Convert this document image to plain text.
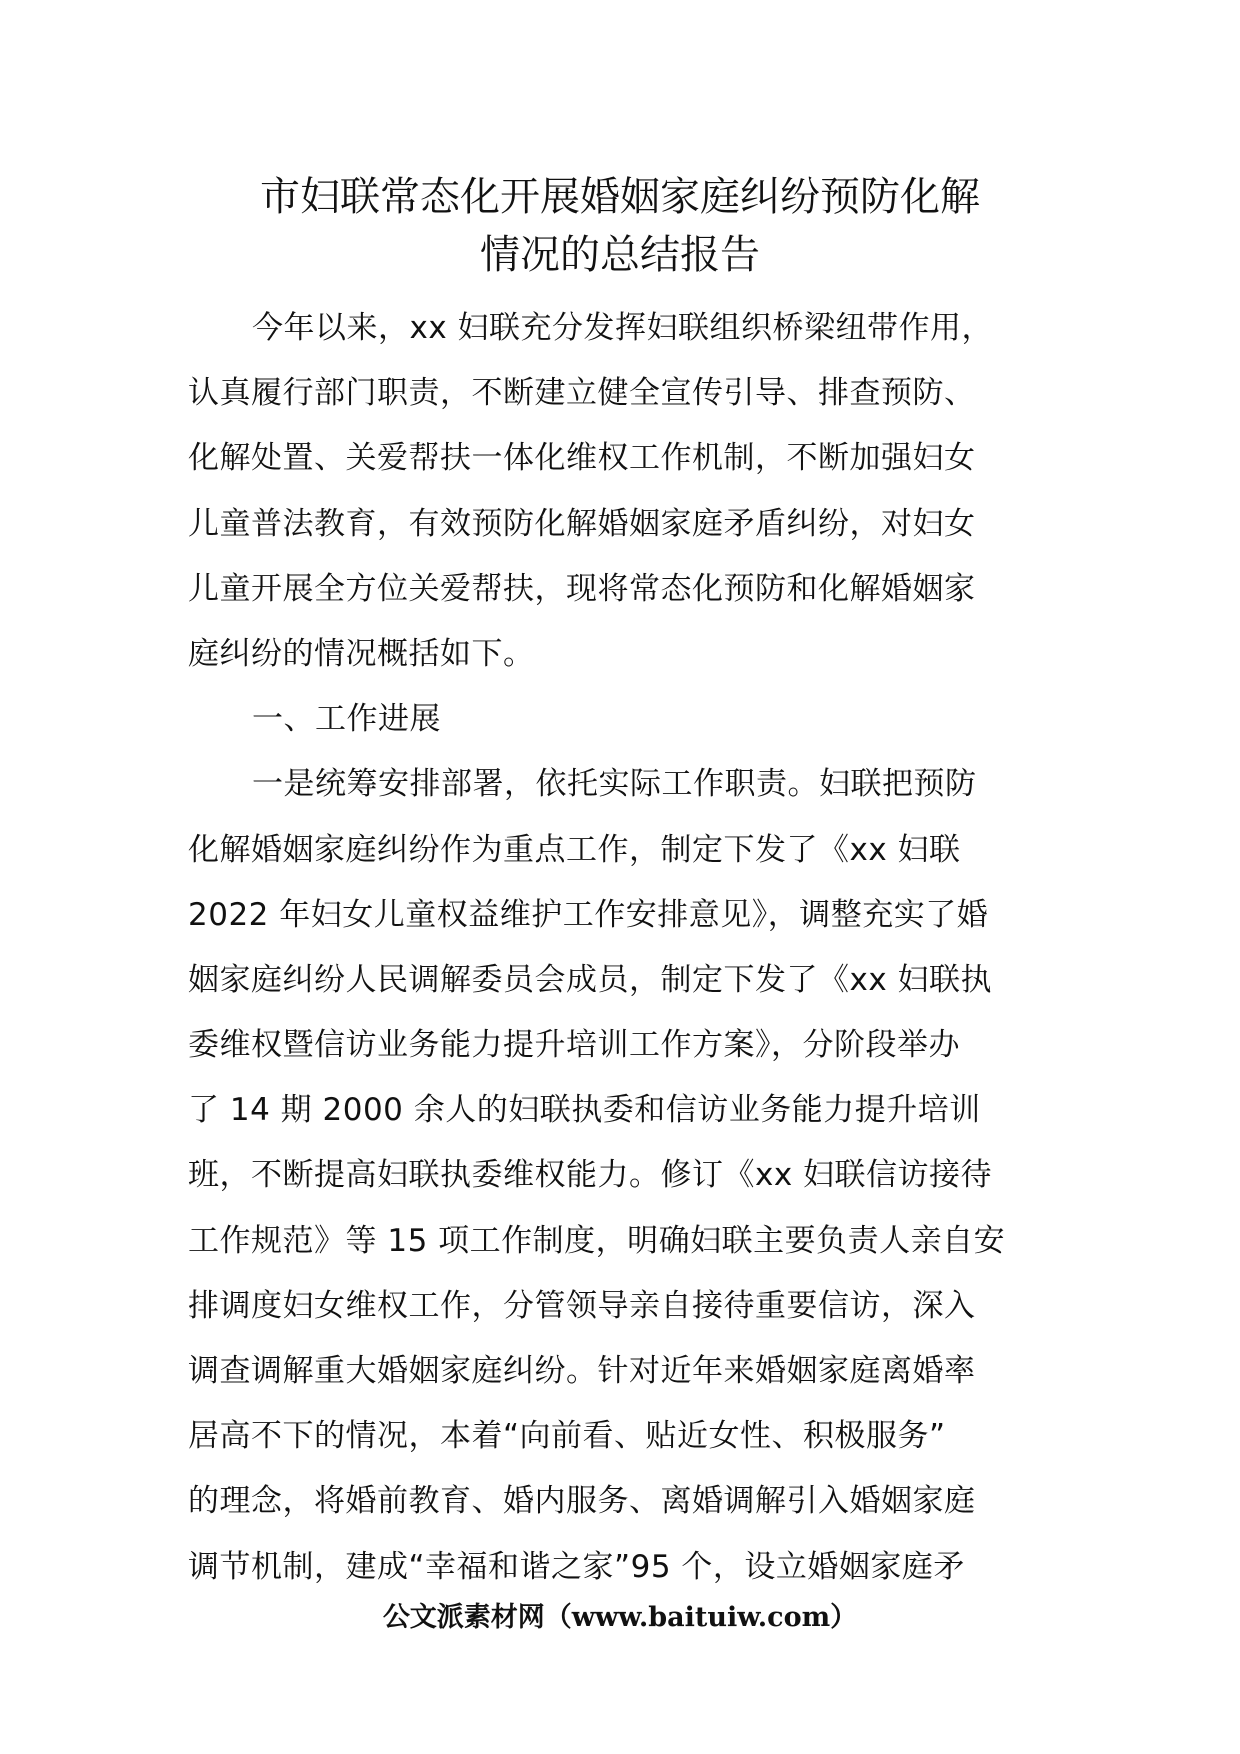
市妇联常态化开展婚姻家庭纠纷预防化解
情况的总结报告
今年以来，xx 妇联充分发挥妇联组织桥梁纽带作用，
认真履行部门职责，不断建立健全宣传引导、排查预防、
化解处置、关爱帮扶一体化维权工作机制，不断加强妇女
儿童普法教育，有效预防化解婚姻家庭矛盾纠纷，对妇女
儿童开展全方位关爱帮扶，现将常态化预防和化解婚姻家
庭纠纷的情况概括如下。
一、工作进展
一是统筹安排部署，依托实际工作职责。妇联把预防
化解婚姻家庭纠纷作为重点工作，制定下发了《xx 妇联
2022 年妇女儿童权益维护工作安排意见》，调整充实了婚
姻家庭纠纷人民调解委员会成员，制定下发了《xx 妇联执
委维权暨信访业务能力提升培训工作方案》，分阶段举办
了 14 期 2000 余人的妇联执委和信访业务能力提升培训
班，不断提高妇联执委维权能力。修订《xx 妇联信访接待
工作规范》等 15 项工作制度，明确妇联主要负责人亲自安
排调度妇女维权工作，分管领导亲自接待重要信访，深入
调查调解重大婚姻家庭纠纷。针对近年来婚姻家庭离婚率
居高不下的情况，本着“向前看、贴近女性、积极服务”
的理念，将婚前教育、婚内服务、离婚调解引入婚姻家庭
调节机制，建成“幸福和谐之家”95 个，设立婚姻家庭矛
公文派素材网（www.baituiw.com）
